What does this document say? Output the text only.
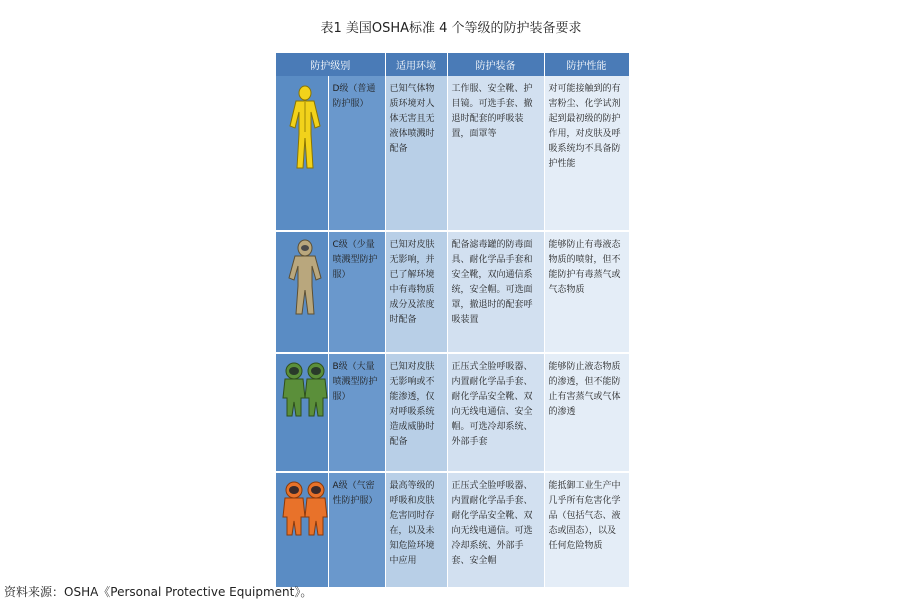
表1 美国OSHA标准 4 个等级的防护装备要求
防护级别		适用环境	防护装备	防护性能
	D级（普通防护服）	已知气体物质环境对人体无害且无液体喷溅时配备	工作服、安全靴、护目镜。可选手套、撤退时配套的呼吸装置，面罩等	对可能接触到的有害粉尘、化学试剂起到最初级的防护作用，对皮肤及呼吸系统均不具备防护性能
	C级（少量喷溅型防护服）	已知对皮肤无影响，并已了解环境中有毒物质成分及浓度时配备	配备滤毒罐的防毒面具、耐化学品手套和安全靴，双向通信系统，安全帽。可选面罩，撤退时的配套呼吸装置	能够防止有毒液态物质的喷射，但不能防护有毒蒸气或气态物质
	B级（大量喷溅型防护服）	已知对皮肤无影响或不能渗透，仅对呼吸系统造成威胁时配备	正压式全脸呼吸器、内置耐化学品手套、耐化学品安全靴、双向无线电通信、安全帽。可选冷却系统、外部手套	能够防止液态物质的渗透，但不能防止有害蒸气或气体的渗透
	A级（气密性防护服）	最高等级的呼吸和皮肤危害同时存在，以及未知危险环境中应用	正压式全脸呼吸器、内置耐化学品手套、耐化学品安全靴、双向无线电通信。可选冷却系统、外部手套、安全帽	能抵御工业生产中几乎所有危害化学品（包括气态、液态或固态），以及任何危险物质
资料来源：OSHA《Personal Protective Equipment》。
